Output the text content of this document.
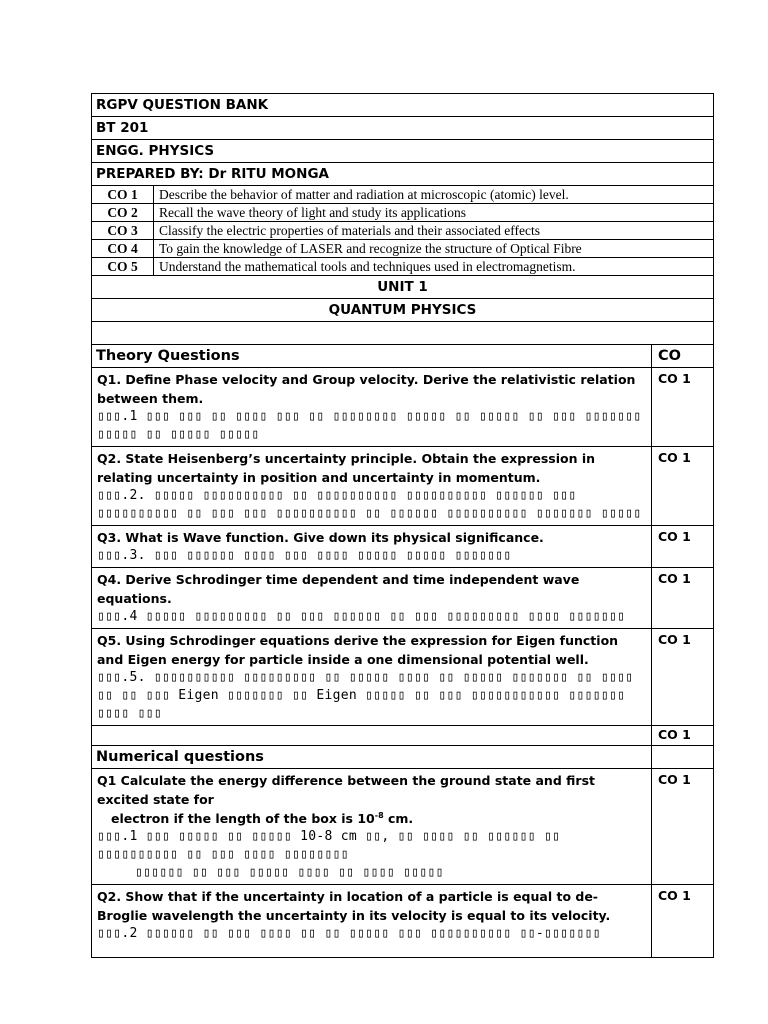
RGPV QUESTION BANK		
BT 201		
ENGG. PHYSICS		
PREPARED BY: Dr RITU MONGA		
CO 1	Describe the behavior of matter and radiation at microscopic (atomic) level.	
CO 2	Recall the wave theory of light and study its applications	
CO 3	Classify the electric properties of materials and their associated effects	
CO 4	To gain the knowledge of LASER and recognize the structure of Optical Fibre	
CO 5	Understand the mathematical tools and techniques used in electromagnetism.	
UNIT 1		
QUANTUM PHYSICS		

Theory Questions		CO

Q1. Define Phase velocity and Group velocity. Derive the relativistic relation between them.
▯▯▯.1 ▯▯▯ ▯▯▯ ▯▯ ▯▯▯▯ ▯▯▯ ▯▯ ▯▯▯▯▯▯▯▯ ▯▯▯▯▯ ▯▯ ▯▯▯▯▯ ▯▯ ▯▯▯ ▯▯▯▯▯▯▯ ▯▯▯▯▯ ▯▯ ▯▯▯▯▯ ▯▯▯▯▯		CO 1

Q2. State Heisenberg’s uncertainty principle. Obtain the expression in relating uncertainty in position and uncertainty in momentum.
▯▯▯.2. ▯▯▯▯▯ ▯▯▯▯▯▯▯▯▯▯ ▯▯ ▯▯▯▯▯▯▯▯▯▯ ▯▯▯▯▯▯▯▯▯▯ ▯▯▯▯▯▯ ▯▯▯ ▯▯▯▯▯▯▯▯▯▯ ▯▯ ▯▯▯ ▯▯▯ ▯▯▯▯▯▯▯▯▯▯ ▯▯ ▯▯▯▯▯▯ ▯▯▯▯▯▯▯▯▯▯ ▯▯▯▯▯▯▯ ▯▯▯▯▯		CO 1

Q3. What is Wave function. Give down its physical significance.
▯▯▯.3. ▯▯▯ ▯▯▯▯▯▯ ▯▯▯▯ ▯▯▯ ▯▯▯▯ ▯▯▯▯▯ ▯▯▯▯▯ ▯▯▯▯▯▯▯		CO 1

Q4. Derive Schrodinger time dependent and time independent wave equations.
▯▯▯.4 ▯▯▯▯▯ ▯▯▯▯▯▯▯▯▯ ▯▯ ▯▯▯ ▯▯▯▯▯▯ ▯▯ ▯▯▯ ▯▯▯▯▯▯▯▯▯ ▯▯▯▯ ▯▯▯▯▯▯▯		CO 1

Q5. Using Schrodinger equations derive the expression for Eigen function and Eigen energy for particle inside a one dimensional potential well.
▯▯▯.5. ▯▯▯▯▯▯▯▯▯▯ ▯▯▯▯▯▯▯▯▯ ▯▯ ▯▯▯▯▯ ▯▯▯▯ ▯▯ ▯▯▯▯▯ ▯▯▯▯▯▯▯ ▯▯ ▯▯▯▯ ▯▯ ▯▯ ▯▯▯ Eigen ▯▯▯▯▯▯▯ ▯▯ Eigen ▯▯▯▯▯ ▯▯ ▯▯▯ ▯▯▯▯▯▯▯▯▯▯▯ ▯▯▯▯▯▯▯ ▯▯▯▯ ▯▯▯		CO 1
		CO 1
Numerical questions		

Q1 Calculate the energy difference between the ground state and first excited state for
electron if the length of the box is $10^{-8}$ cm.
▯▯▯.1 ▯▯▯ ▯▯▯▯▯ ▯▯ ▯▯▯▯▯ 10-8 cm ▯▯, ▯▯ ▯▯▯▯ ▯▯ ▯▯▯▯▯▯ ▯▯ ▯▯▯▯▯▯▯▯▯▯ ▯▯ ▯▯▯ ▯▯▯▯ ▯▯▯▯▯▯▯▯
▯▯▯▯▯▯ ▯▯ ▯▯▯ ▯▯▯▯▯ ▯▯▯▯ ▯▯ ▯▯▯▯ ▯▯▯▯▯		CO 1

Q2. Show that if the uncertainty in location of a particle is equal to de-Broglie wavelength the uncertainty in its velocity is equal to its velocity.
▯▯▯.2 ▯▯▯▯▯▯ ▯▯ ▯▯▯ ▯▯▯▯ ▯▯ ▯▯ ▯▯▯▯▯ ▯▯▯ ▯▯▯▯▯▯▯▯▯▯ ▯▯-▯▯▯▯▯▯▯		CO 1
